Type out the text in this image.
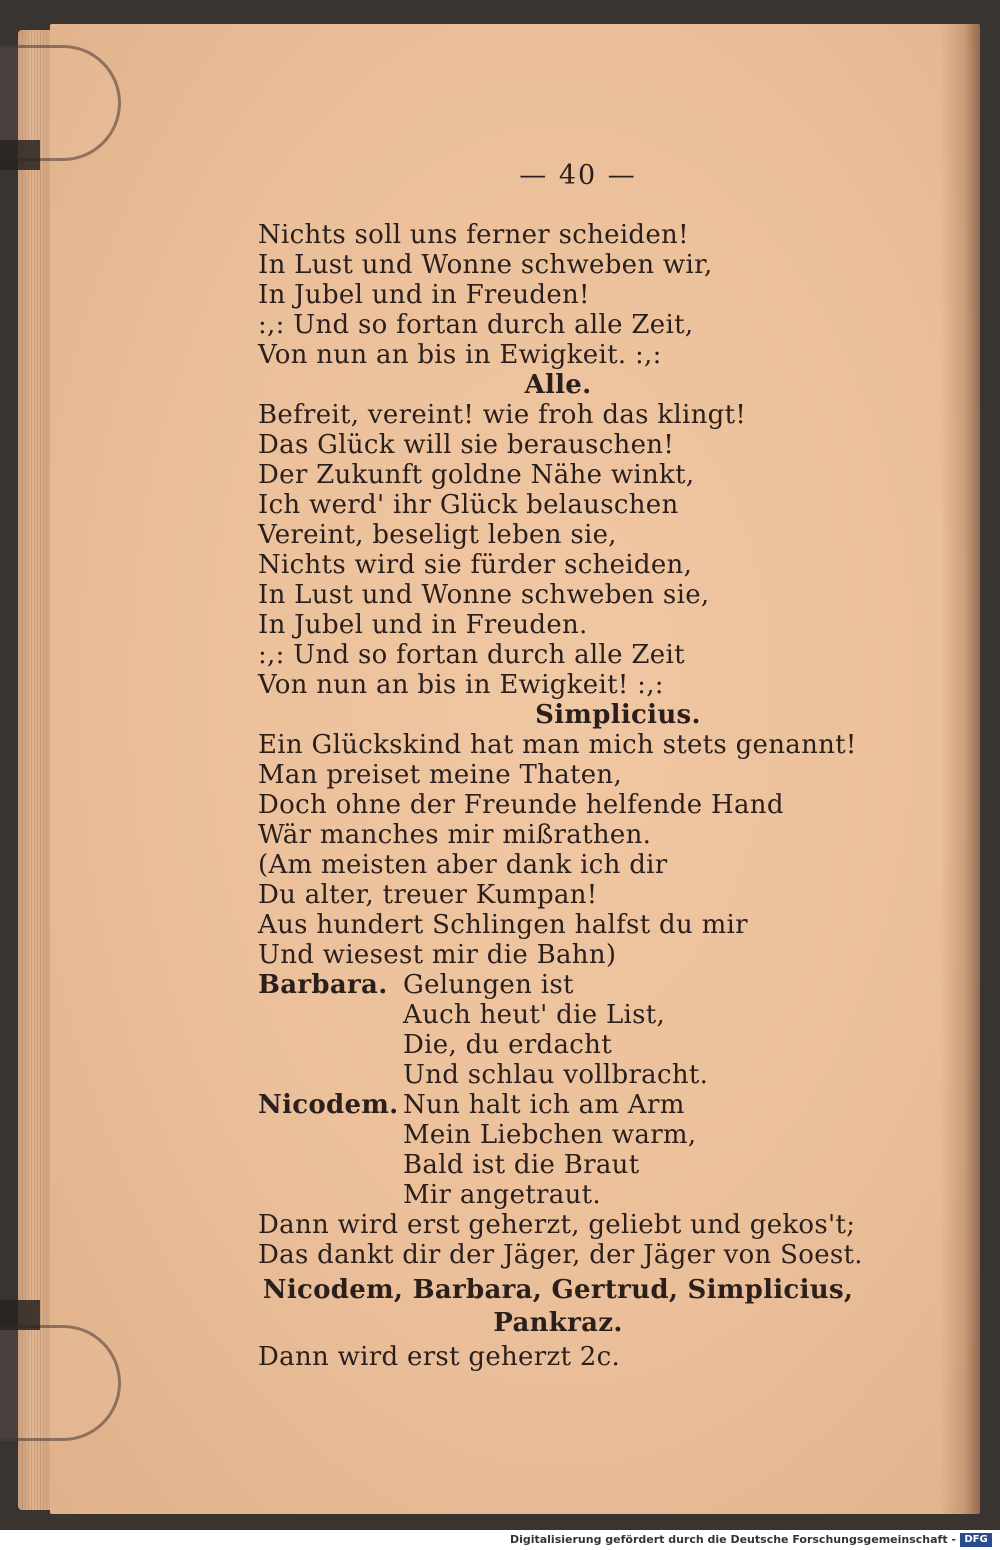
— 40 —
Nichts soll uns ferner scheiden!
In Lust und Wonne schweben wir,
In Jubel und in Freuden!
:,: Und so fortan durch alle Zeit,
Von nun an bis in Ewigkeit. :,:
Alle.
Befreit, vereint! wie froh das klingt!
Das Glück will sie berauschen!
Der Zukunft goldne Nähe winkt,
Ich werd' ihr Glück belauschen
Vereint, beseligt leben sie,
Nichts wird sie fürder scheiden,
In Lust und Wonne schweben sie,
In Jubel und in Freuden.
:,: Und so fortan durch alle Zeit
Von nun an bis in Ewigkeit! :,:
Simplicius.
Ein Glückskind hat man mich stets genannt!
Man preiset meine Thaten,
Doch ohne der Freunde helfende Hand
Wär manches mir mißrathen.
(Am meisten aber dank ich dir
Du alter, treuer Kumpan!
Aus hundert Schlingen halfst du mir
Und wiesest mir die Bahn)
Barbara. Gelungen ist
Auch heut' die List,
Die, du erdacht
Und schlau vollbracht.
Nicodem. Nun halt ich am Arm
Mein Liebchen warm,
Bald ist die Braut
Mir angetraut.
Dann wird erst geherzt, geliebt und gekos't;
Das dankt dir der Jäger, der Jäger von Soest.
Nicodem, Barbara, Gertrud, Simplicius,
Pankraz.
Dann wird erst geherzt 2c.
Digitalisierung gefördert durch die Deutsche Forschungsgemeinschaft - DFG
